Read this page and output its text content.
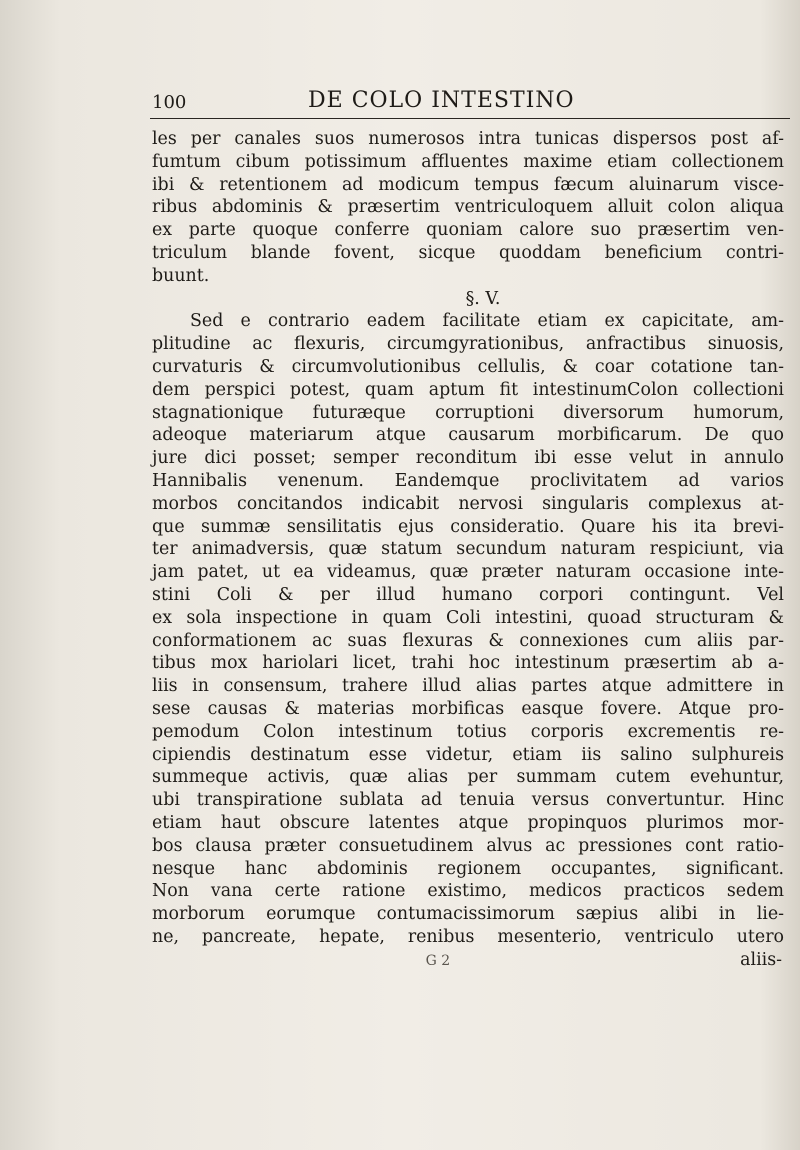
100	DE COLO INTESTINO
les per canales suos numerosos intra tunicas dispersos post af-
fumtum cibum potissimum affluentes maxime etiam collectionem
ibi & retentionem ad modicum tempus fæcum aluinarum visce-
ribus abdominis & præsertim ventriculoquem alluit colon aliqua
ex parte quoque conferre quoniam calore suo præsertim ven-
triculum blande fovent, sicque quoddam beneficium contri-
buunt.
§. V.
Sed e contrario eadem facilitate etiam ex capicitate, am-
plitudine ac flexuris, circumgyrationibus, anfractibus sinuosis,
curvaturis & circumvolutionibus cellulis, & coar cotatione tan-
dem perspici potest, quam aptum fit intestinumColon collectioni
stagnationique futuræque corruptioni diversorum humorum,
adeoque materiarum atque causarum morbificarum. De quo
jure dici posset; semper reconditum ibi esse velut in annulo
Hannibalis venenum. Eandemque proclivitatem ad varios
morbos concitandos indicabit nervosi singularis complexus at-
que summæ sensilitatis ejus consideratio. Quare his ita brevi-
ter animadversis, quæ statum secundum naturam respiciunt, via
jam patet, ut ea videamus, quæ præter naturam occasione inte-
stini Coli & per illud humano corpori contingunt. Vel
ex sola inspectione in quam Coli intestini, quoad structuram &
conformationem ac suas flexuras & connexiones cum aliis par-
tibus mox hariolari licet, trahi hoc intestinum præsertim ab a-
liis in consensum, trahere illud alias partes atque admittere in
sese causas & materias morbificas easque fovere. Atque pro-
pemodum Colon intestinum totius corporis excrementis re-
cipiendis destinatum esse videtur, etiam iis salino sulphureis
summeque activis, quæ alias per summam cutem evehuntur,
ubi transpiratione sublata ad tenuia versus convertuntur. Hinc
etiam haut obscure latentes atque propinquos plurimos mor-
bos clausa præter consuetudinem alvus ac pressiones cont ratio-
nesque hanc abdominis regionem occupantes, significant.
Non vana certe ratione existimo, medicos practicos sedem
morborum eorumque contumacissimorum sæpius alibi in lie-
ne, pancreate, hepate, renibus mesenterio, ventriculo utero
G 2	aliis-
